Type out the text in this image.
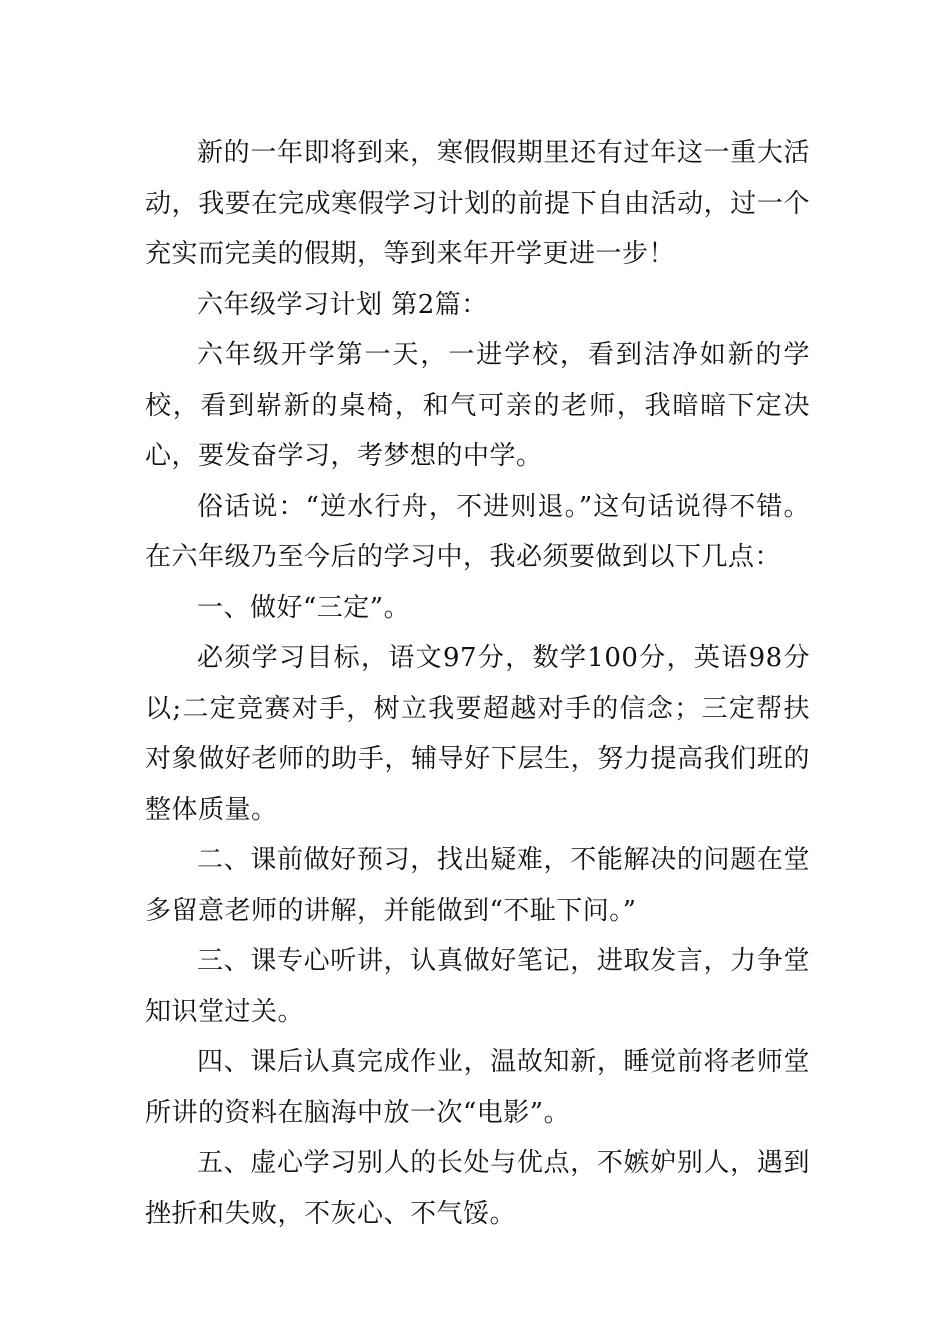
新的一年即将到来，寒假假期里还有过年这一重大活动，我要在完成寒假学习计划的前提下自由活动，过一个充实而完美的假期，等到来年开学更进一步！

六年级学习计划 第2篇：

六年级开学第一天，一进学校，看到洁净如新的学校，看到崭新的桌椅，和气可亲的老师，我暗暗下定决心，要发奋学习，考梦想的中学。

俗话说：“逆水行舟，不进则退。”这句话说得不错。在六年级乃至今后的学习中，我必须要做到以下几点：

一、做好“三定”。

必须学习目标，语文97分，数学100分，英语98分以;二定竞赛对手，树立我要超越对手的信念；三定帮扶对象做好老师的助手，辅导好下层生，努力提高我们班的整体质量。

二、课前做好预习，找出疑难，不能解决的问题在堂多留意老师的讲解，并能做到“不耻下问。”

三、课专心听讲，认真做好笔记，进取发言，力争堂知识堂过关。

四、课后认真完成作业，温故知新，睡觉前将老师堂所讲的资料在脑海中放一次“电影”。

五、虚心学习别人的长处与优点，不嫉妒别人，遇到挫折和失败，不灰心、不气馁。
